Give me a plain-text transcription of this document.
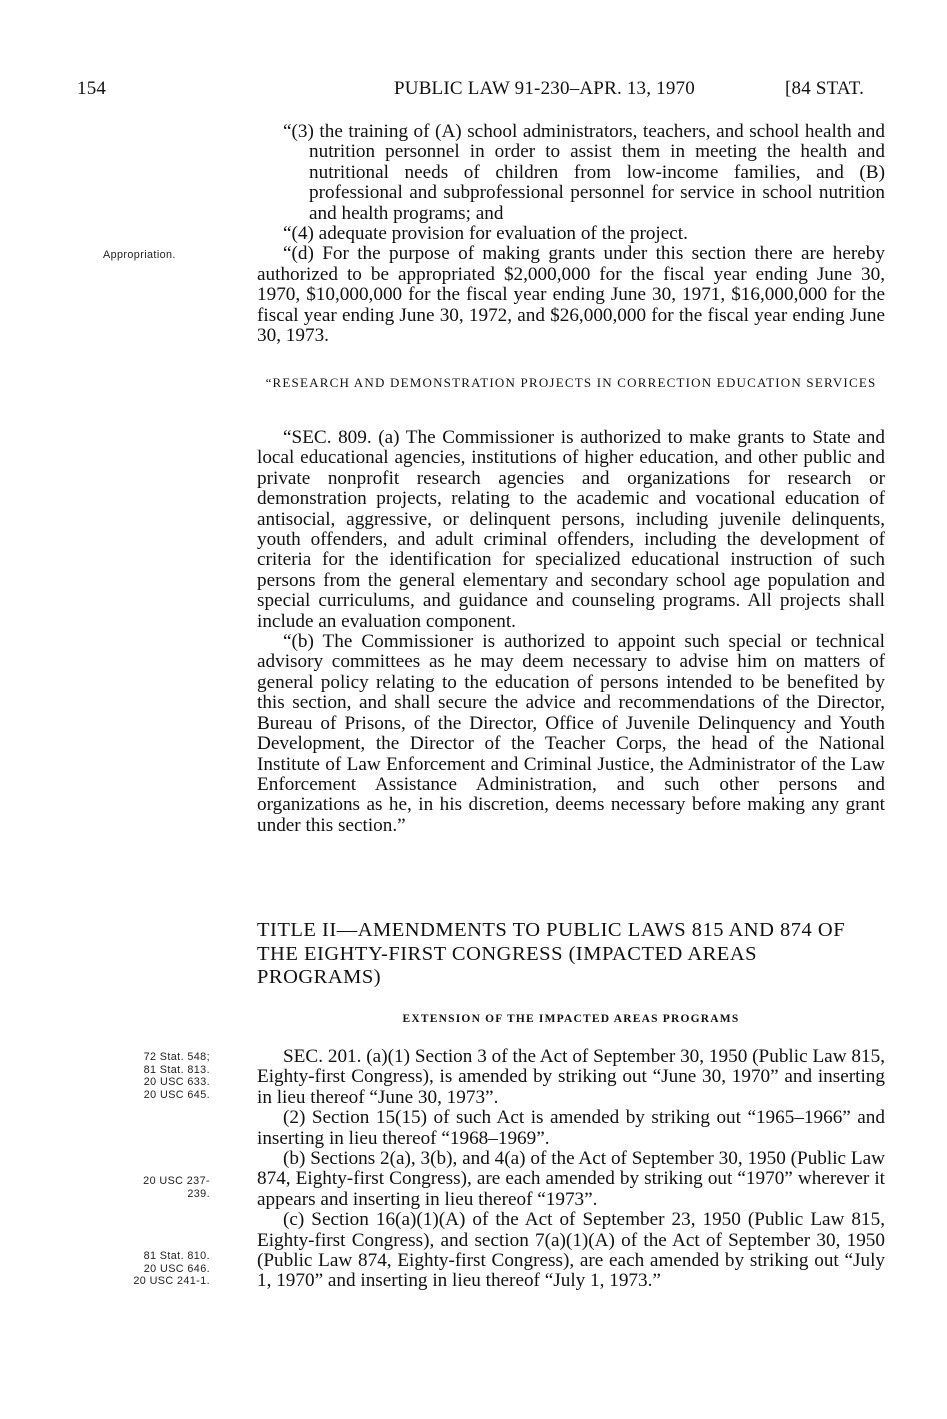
154	PUBLIC LAW 91-230–APR. 13, 1970	[84 STAT.

“(3) the training of (A) school administrators, teachers, and school health and nutrition personnel in order to assist them in meeting the health and nutritional needs of children from low-income families, and (B) professional and subprofessional personnel for service in school nutrition and health programs; and

“(4) adequate provision for evaluation of the project.

“(d) For the purpose of making grants under this section there are hereby authorized to be appropriated $2,000,000 for the fiscal year ending June 30, 1970, $10,000,000 for the fiscal year ending June 30, 1971, $16,000,000 for the fiscal year ending June 30, 1972, and $26,000,000 for the fiscal year ending June 30, 1973.

Appropriation.
“RESEARCH AND DEMONSTRATION PROJECTS IN CORRECTION EDUCATION SERVICES

“SEC. 809. (a) The Commissioner is authorized to make grants to State and local educational agencies, institutions of higher education, and other public and private nonprofit research agencies and organizations for research or demonstration projects, relating to the academic and vocational education of antisocial, aggressive, or delinquent persons, including juvenile delinquents, youth offenders, and adult criminal offenders, including the development of criteria for the identification for specialized educational instruction of such persons from the general elementary and secondary school age population and special curriculums, and guidance and counseling programs. All projects shall include an evaluation component.

“(b) The Commissioner is authorized to appoint such special or technical advisory committees as he may deem necessary to advise him on matters of general policy relating to the education of persons intended to be benefited by this section, and shall secure the advice and recommendations of the Director, Bureau of Prisons, of the Director, Office of Juvenile Delinquency and Youth Development, the Director of the Teacher Corps, the head of the National Institute of Law Enforcement and Criminal Justice, the Administrator of the Law Enforcement Assistance Administration, and such other persons and organizations as he, in his discretion, deems necessary before making any grant under this section.”

TITLE II—AMENDMENTS TO PUBLIC LAWS 815 AND 874 OF THE EIGHTY-FIRST CONGRESS (IMPACTED AREAS PROGRAMS)
EXTENSION OF THE IMPACTED AREAS PROGRAMS

SEC. 201. (a)(1) Section 3 of the Act of September 30, 1950 (Public Law 815, Eighty-first Congress), is amended by striking out “June 30, 1970” and inserting in lieu thereof “June 30, 1973”.

(2) Section 15(15) of such Act is amended by striking out “1965–1966” and inserting in lieu thereof “1968–1969”.

(b) Sections 2(a), 3(b), and 4(a) of the Act of September 30, 1950 (Public Law 874, Eighty-first Congress), are each amended by striking out “1970” wherever it appears and inserting in lieu thereof “1973”.

(c) Section 16(a)(1)(A) of the Act of September 23, 1950 (Public Law 815, Eighty-first Congress), and section 7(a)(1)(A) of the Act of September 30, 1950 (Public Law 874, Eighty-first Congress), are each amended by striking out “July 1, 1970” and inserting in lieu thereof “July 1, 1973.”

72 Stat. 548;
81 Stat. 813.
20 USC 633.
20 USC 645.
20 USC 237-
239.
81 Stat. 810.
20 USC 646.
20 USC 241-1.
